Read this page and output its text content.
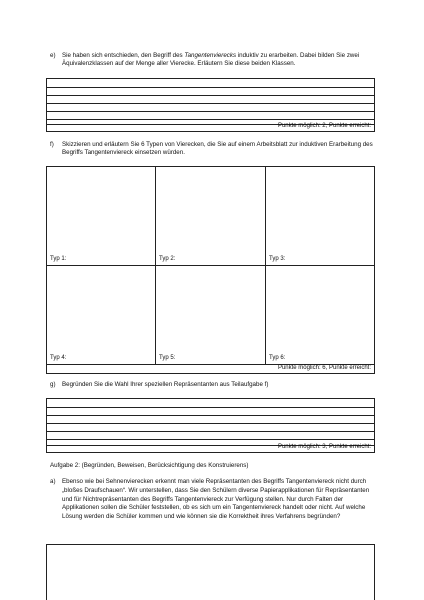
e) Sie haben sich entschieden, den Begriff des Tangentenvierecks induktiv zu erarbeiten. Dabei bilden Sie zwei Äquivalenzklassen auf der Menge aller Vierecke. Erläutern Sie diese beiden Klassen.
Punkte möglich: 2, Punkte erreicht:
f) Skizzieren und erläutern Sie 6 Typen von Vierecken, die Sie auf einem Arbeitsblatt zur induktiven Erarbeitung des Begriffs Tangentenviereck einsetzen würden.
Typ 1:	Typ 2:	Typ 3:
Typ 4:	Typ 5:	Typ 6:
Punkte möglich: 6, Punkte erreicht:
g) Begründen Sie die Wahl Ihrer speziellen Repräsentanten aus Teilaufgabe f)
Punkte möglich: 3, Punkte erreicht:
Aufgabe 2: (Begründen, Beweisen, Berücksichtigung des Konstruierens)
a) Ebenso wie bei Sehnenvierecken erkennt man viele Repräsentanten des Begriffs Tangentenviereck nicht durch „bloßes Draufschauen“. Wir unterstellen, dass Sie den Schülern diverse Papierapplikationen für Repräsentanten und für Nichtrepräsentanten des Begriffs Tangentenviereck zur Verfügung stellen. Nur durch Falten der Applikationen sollen die Schüler feststellen, ob es sich um ein Tangentenviereck handelt oder nicht. Auf welche Lösung werden die Schüler kommen und wie können sie die Korrektheit ihres Verfahrens begründen?
